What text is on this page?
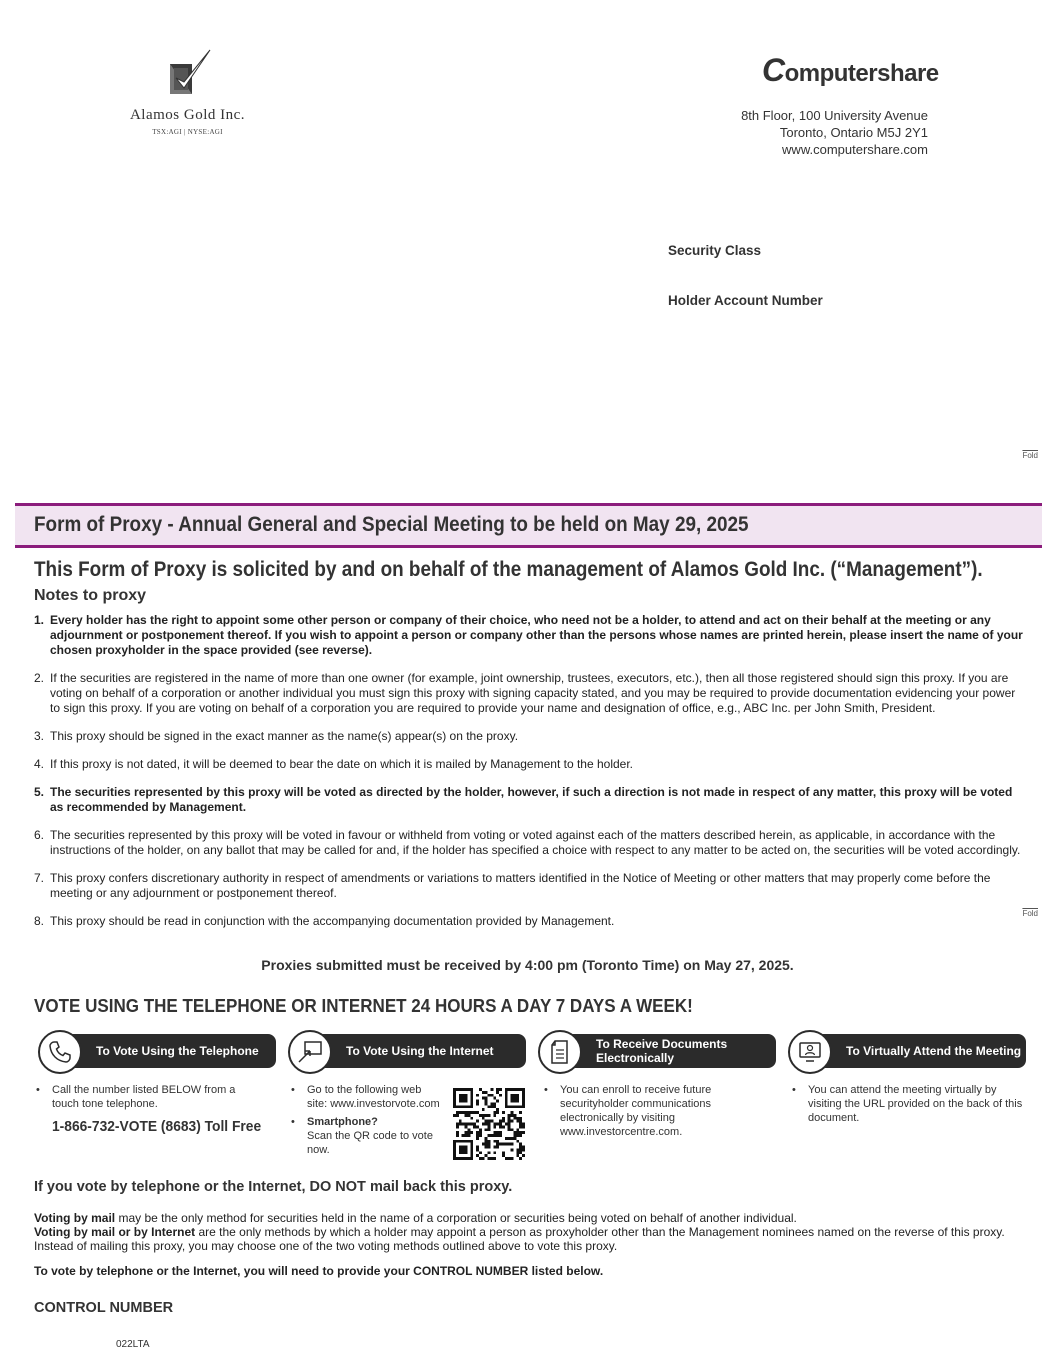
Alamos Gold Inc.
TSX:AGI | NYSE:AGI
Computershare
8th Floor, 100 University Avenue
Toronto, Ontario M5J 2Y1
www.computershare.com
Security Class
Holder Account Number
Fold
Fold
Form of Proxy - Annual General and Special Meeting to be held on May 29, 2025
This Form of Proxy is solicited by and on behalf of the management of Alamos Gold Inc. (“Management”).
Notes to proxy
1. Every holder has the right to appoint some other person or company of their choice, who need not be a holder, to attend and act on their behalf at the meeting or any adjournment or postponement thereof. If you wish to appoint a person or company other than the persons whose names are printed herein, please insert the name of your chosen proxyholder in the space provided (see reverse).
2. If the securities are registered in the name of more than one owner (for example, joint ownership, trustees, executors, etc.), then all those registered should sign this proxy. If you are voting on behalf of a corporation or another individual you must sign this proxy with signing capacity stated, and you may be required to provide documentation evidencing your power to sign this proxy. If you are voting on behalf of a corporation you are required to provide your name and designation of office, e.g., ABC Inc. per John Smith, President.
3. This proxy should be signed in the exact manner as the name(s) appear(s) on the proxy.
4. If this proxy is not dated, it will be deemed to bear the date on which it is mailed by Management to the holder.
5. The securities represented by this proxy will be voted as directed by the holder, however, if such a direction is not made in respect of any matter, this proxy will be voted as recommended by Management.
6. The securities represented by this proxy will be voted in favour or withheld from voting or voted against each of the matters described herein, as applicable, in accordance with the instructions of the holder, on any ballot that may be called for and, if the holder has specified a choice with respect to any matter to be acted on, the securities will be voted accordingly.
7. This proxy confers discretionary authority in respect of amendments or variations to matters identified in the Notice of Meeting or other matters that may properly come before the meeting or any adjournment or postponement thereof.
8. This proxy should be read in conjunction with the accompanying documentation provided by Management.
Proxies submitted must be received by 4:00 pm (Toronto Time) on May 27, 2025.
VOTE USING THE TELEPHONE OR INTERNET 24 HOURS A DAY 7 DAYS A WEEK!
To Vote Using the Telephone	To Vote Using the Internet	To Receive Documents Electronically	To Virtually Attend the Meeting
•	Call the number listed BELOW from a touch tone telephone.
1-866-732-VOTE (8683) Toll Free
•	Go to the following web site: www.investorvote.com
•	Smartphone?
Scan the QR code to vote now.
•	You can enroll to receive future securityholder communications electronically by visiting www.investorcentre.com.
•	You can attend the meeting virtually by visiting the URL provided on the back of this document.
If you vote by telephone or the Internet, DO NOT mail back this proxy.
Voting by mail may be the only method for securities held in the name of a corporation or securities being voted on behalf of another individual.
Voting by mail or by Internet are the only methods by which a holder may appoint a person as proxyholder other than the Management nominees named on the reverse of this proxy. Instead of mailing this proxy, you may choose one of the two voting methods outlined above to vote this proxy.
To vote by telephone or the Internet, you will need to provide your CONTROL NUMBER listed below.
CONTROL NUMBER
022LTA
